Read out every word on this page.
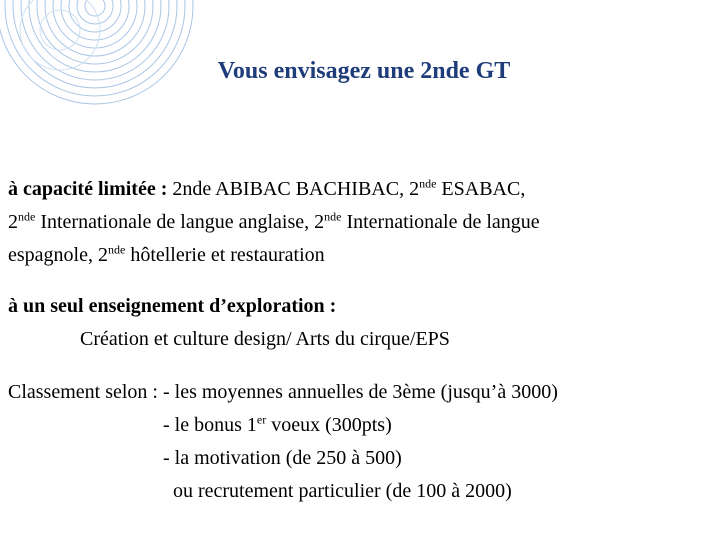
Vous envisagez une 2nde GT
à capacité limitée : 2nde ABIBAC BACHIBAC, 2nde ESABAC,
2nde Internationale de langue anglaise, 2nde Internationale de langue
espagnole, 2nde hôtellerie et restauration
à un seul enseignement d’exploration :
Création et culture design/ Arts du cirque/EPS
Classement selon : - les moyennes annuelles de 3ème (jusqu’à 3000)
- le bonus 1er voeux (300pts)
- la motivation (de 250 à 500)
ou recrutement particulier (de 100 à 2000)
